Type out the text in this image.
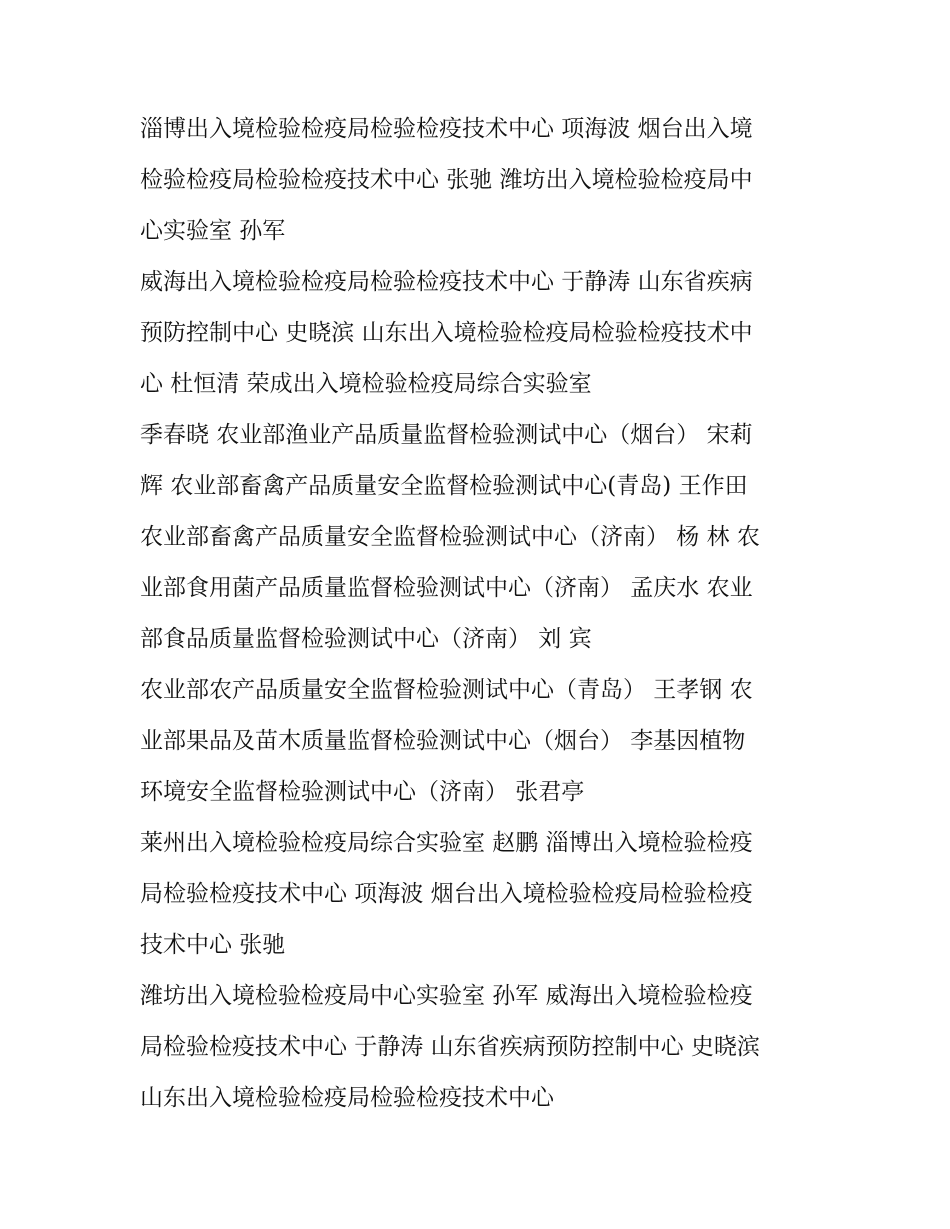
淄博出入境检验检疫局检验检疫技术中心 项海波 烟台出入境
检验检疫局检验检疫技术中心 张驰 潍坊出入境检验检疫局中
心实验室 孙军

威海出入境检验检疫局检验检疫技术中心 于静涛 山东省疾病
预防控制中心 史晓滨 山东出入境检验检疫局检验检疫技术中
心 杜恒清 荣成出入境检验检疫局综合实验室

季春晓 农业部渔业产品质量监督检验测试中心（烟台） 宋莉
辉 农业部畜禽产品质量安全监督检验测试中心(青岛) 王作田
农业部畜禽产品质量安全监督检验测试中心（济南） 杨 林 农
业部食用菌产品质量监督检验测试中心（济南） 孟庆水 农业
部食品质量监督检验测试中心（济南） 刘 宾

农业部农产品质量安全监督检验测试中心（青岛） 王孝钢 农
业部果品及苗木质量监督检验测试中心（烟台） 李基因植物
环境安全监督检验测试中心（济南） 张君亭

莱州出入境检验检疫局综合实验室 赵鹏 淄博出入境检验检疫
局检验检疫技术中心 项海波 烟台出入境检验检疫局检验检疫
技术中心 张驰

潍坊出入境检验检疫局中心实验室 孙军 威海出入境检验检疫
局检验检疫技术中心 于静涛 山东省疾病预防控制中心 史晓滨
山东出入境检验检疫局检验检疫技术中心
